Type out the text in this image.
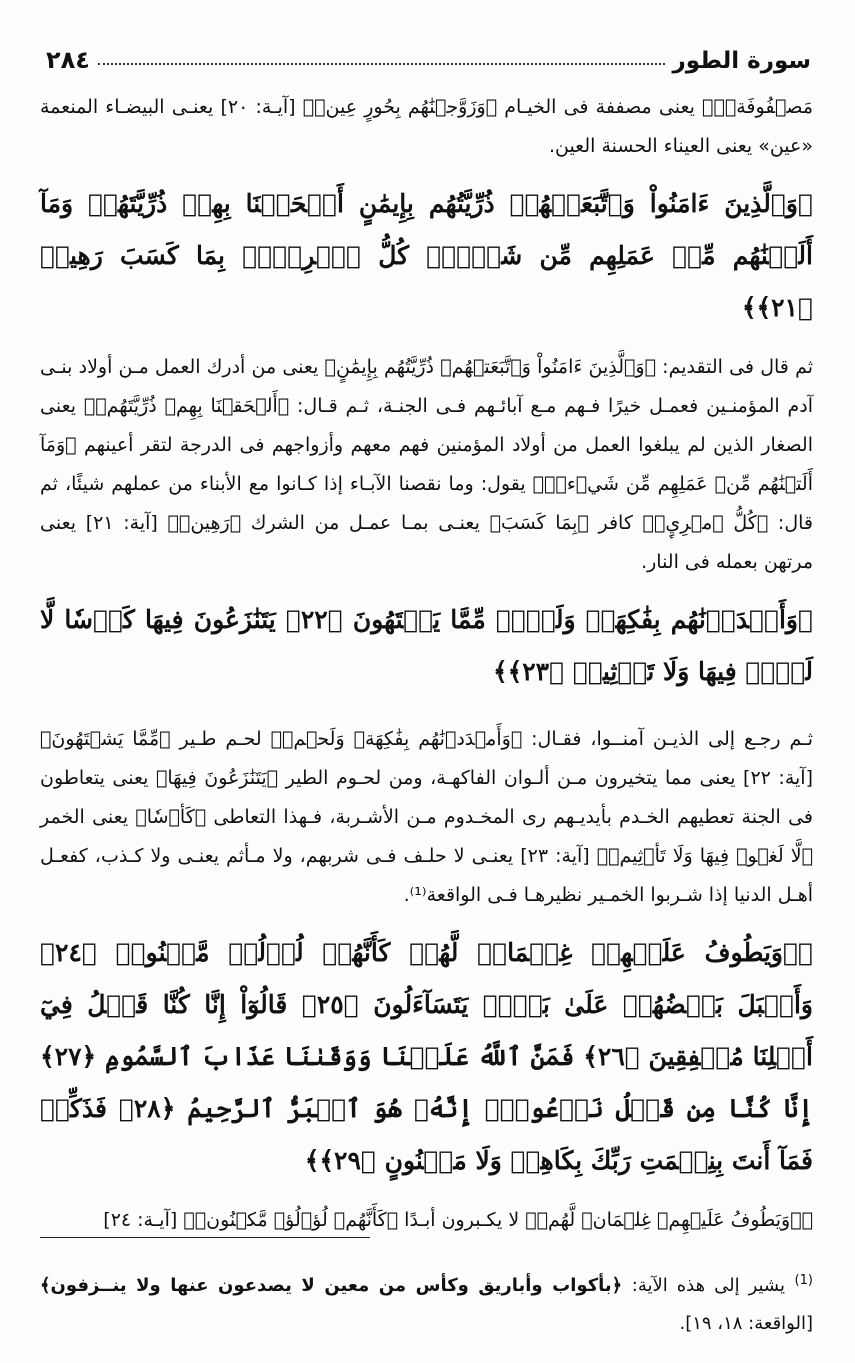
سورة الطور
٢٨٤

مَصۡفُوفَةٖۖ﴾ يعنى مصففة فى الخيـام ﴿وَزَوَّجۡنَٰهُم بِحُورٍ عِينٖ﴾ [آيـة: ٢٠] يعنـى البيضـاء المنعمة «عين» يعنى العيناء الحسنة العين.

﴿وَٱلَّذِينَ ءَامَنُواْ وَٱتَّبَعَتۡهُمۡ ذُرِّيَّتُهُم بِإِيمَٰنٍ أَلۡحَقۡنَا بِهِمۡ ذُرِّيَّتَهُمۡ وَمَآ أَلَتۡنَٰهُم مِّنۡ عَمَلِهِم مِّن شَيۡءٖۚ كُلُّ ٱمۡرِيِٕۭ بِمَا كَسَبَ رَهِينٞ ﴿٢١﴾﴾

ثم قال فى التقديم: ﴿وَٱلَّذِينَ ءَامَنُواْ وَٱتَّبَعَتۡهُمۡ ذُرِّيَّتُهُم بِإِيمَٰنٍ﴾ يعنى من أدرك العمل مـن أولاد بنـى آدم المؤمنـين فعمـل خيرًا فـهم مـع آبائـهم فـى الجنـة، ثـم قـال: ﴿أَلۡحَقۡنَا بِهِمۡ ذُرِّيَّتَهُمۡ﴾ يعنى الصغار الذين لم يبلغوا العمل من أولاد المؤمنين فهم معهم وأزواجهم فى الدرجة لتقر أعينهم ﴿وَمَآ أَلَتۡنَٰهُم مِّنۡ عَمَلِهِم مِّن شَيۡءٖۚ﴾ يقول: وما نقصنا الآبـاء إذا كـانوا مع الأبناء من عملهم شيئًا، ثم قال: ﴿كُلُّ ٱمۡرِيِٕۭ﴾ كافر ﴿بِمَا كَسَبَ﴾ يعنـى بمـا عمـل من الشرك ﴿رَهِينٞ﴾ [آية: ٢١] يعنى مرتهن بعمله فى النار.

﴿وَأَمۡدَدۡنَٰهُم بِفَٰكِهَةٖ وَلَحۡمٖ مِّمَّا يَشۡتَهُونَ ﴿٢٢﴾ يَتَنَٰزَعُونَ فِيهَا كَأۡسٗا لَّا لَغۡوٞ فِيهَا وَلَا تَأۡثِيمٞ ﴿٢٣﴾﴾

ثـم رجـع إلى الذيـن آمنــوا، فقـال: ﴿وَأَمۡدَدۡنَٰهُم بِفَٰكِهَةٖ وَلَحۡمٖ﴾ لحـم طـير ﴿مِّمَّا يَشۡتَهُونَ﴾ [آية: ٢٢] يعنى مما يتخيرون مـن ألـوان الفاكهـة، ومن لحـوم الطير ﴿يَتَنَٰزَعُونَ فِيهَا﴾ يعنى يتعاطون فى الجنة تعطيهم الخـدم بأيديـهم رى المخـدوم مـن الأشـربة، فـهذا التعاطى ﴿كَأۡسٗا﴾ يعنى الخمر ﴿لَّا لَغۡوٞ فِيهَا وَلَا تَأۡثِيمٞ﴾ [آية: ٢٣] يعنـى لا حلـف فـى شربهم، ولا مـأثم يعنـى ولا كـذب، كفعـل أهـل الدنيا إذا شـربوا الخمـير نظيرهـا فـى الواقعة⁽¹⁾.

﴿۞وَيَطُوفُ عَلَيۡهِمۡ غِلۡمَانٞ لَّهُمۡ كَأَنَّهُمۡ لُؤۡلُؤٞ مَّكۡنُونٞ ﴿٢٤﴾ وَأَقۡبَلَ بَعۡضُهُمۡ عَلَىٰ بَعۡضٖ يَتَسَآءَلُونَ ﴿٢٥﴾ قَالُوٓاْ إِنَّا كُنَّا قَبۡلُ فِيٓ أَهۡلِنَا مُشۡفِقِينَ ﴿٢٦﴾ فَمَنَّ ٱللَّهُ عَلَيۡنَا وَوَقَىٰنَا عَذَابَ ٱلسَّمُومِ ﴿٢٧﴾ إِنَّا كُنَّا مِن قَبۡلُ نَدۡعُوهُۖ إِنَّهُۥ هُوَ ٱلۡبَرُّ ٱلرَّحِيمُ ﴿٢٨﴾ فَذَكِّرۡ فَمَآ أَنتَ بِنِعۡمَتِ رَبِّكَ بِكَاهِنٖ وَلَا مَجۡنُونٍ ﴿٢٩﴾﴾

﴿۞وَيَطُوفُ عَلَيۡهِمۡ غِلۡمَانٞ لَّهُمۡ﴾ لا يكـبرون أبـدًا ﴿كَأَنَّهُمۡ لُؤۡلُؤٞ مَّكۡنُونٞ﴾ [آيـة: ٢٤]

$^{(1)}$ يشير إلى هذه الآية: ﴿بأكواب وأباريق وكأس من معين لا يصدعون عنها ولا ينــزفون﴾ [الواقعة: ١٨، ١٩].
